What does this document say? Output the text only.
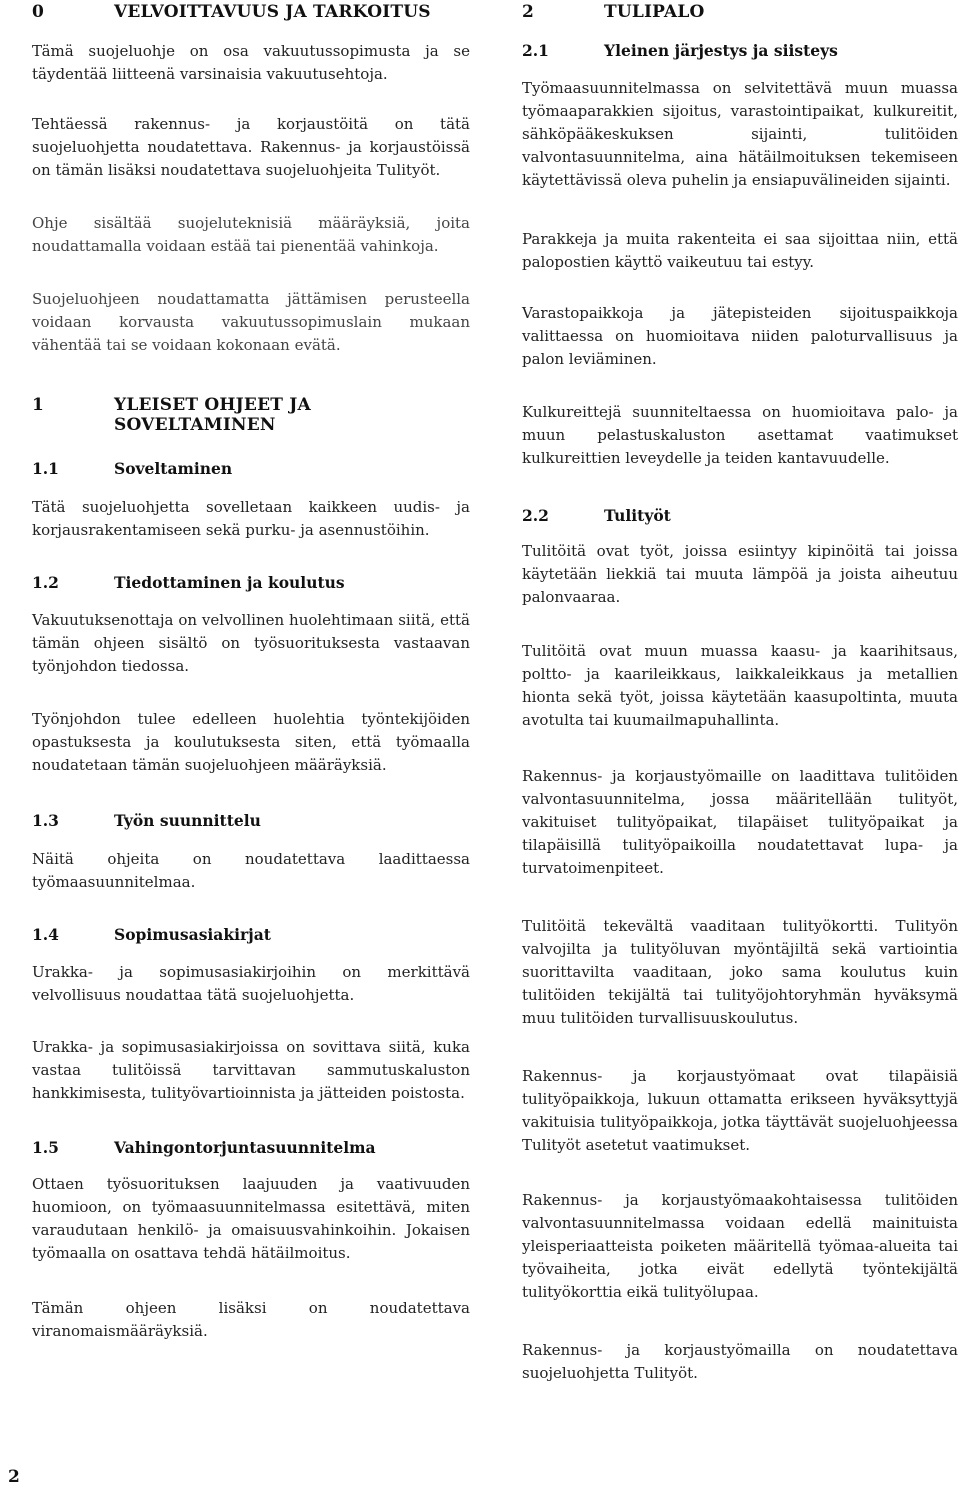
0	VELVOITTAVUUS JA TARKOITUS

Tämä suojeluohje on osa vakuutussopimusta ja se täydentää liitteenä varsinaisia vakuutusehtoja.

Tehtäessä rakennus- ja korjaustöitä on tätä suojeluohjetta noudatettava. Rakennus- ja korjaustöissä on tämän lisäksi noudatettava suojeluohjeita Tulityöt.

Ohje sisältää suojeluteknisiä määräyksiä, joita noudattamalla voidaan estää tai pienentää vahinkoja.

Suojeluohjeen noudattamatta jättämisen perusteella voidaan korvausta vakuutussopimuslain mukaan vähentää tai se voidaan kokonaan evätä.

1	YLEISET OHJEET JA
SOVELTAMINEN
1.1	Soveltaminen

Tätä suojeluohjetta sovelletaan kaikkeen uudis- ja korjausrakentamiseen sekä purku- ja asennustöihin.

1.2	Tiedottaminen ja koulutus

Vakuutuksenottaja on velvollinen huolehtimaan siitä, että tämän ohjeen sisältö on työsuorituksesta vastaavan työnjohdon tiedossa.

Työnjohdon tulee edelleen huolehtia työntekijöiden opastuksesta ja koulutuksesta siten, että työmaalla noudatetaan tämän suojeluohjeen määräyksiä.

1.3	Työn suunnittelu

Näitä ohjeita on noudatettava laadittaessa työmaasuunnitelmaa.

1.4	Sopimusasiakirjat

Urakka- ja sopimusasiakirjoihin on merkittävä velvollisuus noudattaa tätä suojeluohjetta.

Urakka- ja sopimusasiakirjoissa on sovittava siitä, kuka vastaa tulitöissä tarvittavan sammutuskaluston hankkimisesta, tulityövartioinnista ja jätteiden poistosta.

1.5	Vahingontorjuntasuunnitelma

Ottaen työsuorituksen laajuuden ja vaativuuden huomioon, on työmaasuunnitelmassa esitettävä, miten varaudutaan henkilö- ja omaisuusvahinkoihin. Jokaisen työmaalla on osattava tehdä hätäilmoitus.

Tämän ohjeen lisäksi on noudatettava viranomaismääräyksiä.

2	TULIPALO
2.1	Yleinen järjestys ja siisteys

Työmaasuunnitelmassa on selvitettävä muun muassa työmaaparakkien sijoitus, varastointipaikat, kulkureitit, sähköpääkeskuksen sijainti, tulitöiden valvontasuunnitelma, aina hätäilmoituksen tekemiseen käytettävissä oleva puhelin ja ensiapuvälineiden sijainti.

Parakkeja ja muita rakenteita ei saa sijoittaa niin, että palopostien käyttö vaikeutuu tai estyy.

Varastopaikkoja ja jätepisteiden sijoituspaikkoja valittaessa on huomioitava niiden paloturvallisuus ja palon leviäminen.

Kulkureittejä suunniteltaessa on huomioitava palo- ja muun pelastuskaluston asettamat vaatimukset kulkureittien leveydelle ja teiden kantavuudelle.

2.2	Tulityöt

Tulitöitä ovat työt, joissa esiintyy kipinöitä tai joissa käytetään liekkiä tai muuta lämpöä ja joista aiheutuu palonvaaraa.

Tulitöitä ovat muun muassa kaasu- ja kaarihitsaus, poltto- ja kaarileikkaus, laikkaleikkaus ja metallien hionta sekä työt, joissa käytetään kaasupoltinta, muuta avotulta tai kuumailmapuhallinta.

Rakennus- ja korjaustyömaille on laadittava tulitöiden valvontasuunnitelma, jossa määritellään tulityöt, vakituiset tulityöpaikat, tilapäiset tulityöpaikat ja tilapäisillä tulityöpaikoilla noudatettavat lupa- ja turvatoimenpiteet.

Tulitöitä tekevältä vaaditaan tulityökortti. Tulityön valvojilta ja tulityöluvan myöntäjiltä sekä vartiointia suorittavilta vaaditaan, joko sama koulutus kuin tulitöiden tekijältä tai tulityöjohtoryhmän hyväksymä muu tulitöiden turvallisuuskoulutus.

Rakennus- ja korjaustyömaat ovat tilapäisiä tulityöpaikkoja, lukuun ottamatta erikseen hyväksyttyjä vakituisia tulityöpaikkoja, jotka täyttävät suojeluohjeessa Tulityöt asetetut vaatimukset.

Rakennus- ja korjaustyömaakohtaisessa tulitöiden valvontasuunnitelmassa voidaan edellä mainituista yleisperiaatteista poiketen määritellä työmaa-alueita tai työvaiheita, jotka eivät edellytä työntekijältä tulityökorttia eikä tulityölupaa.

Rakennus- ja korjaustyömailla on noudatettava suojeluohjetta Tulityöt.

2
